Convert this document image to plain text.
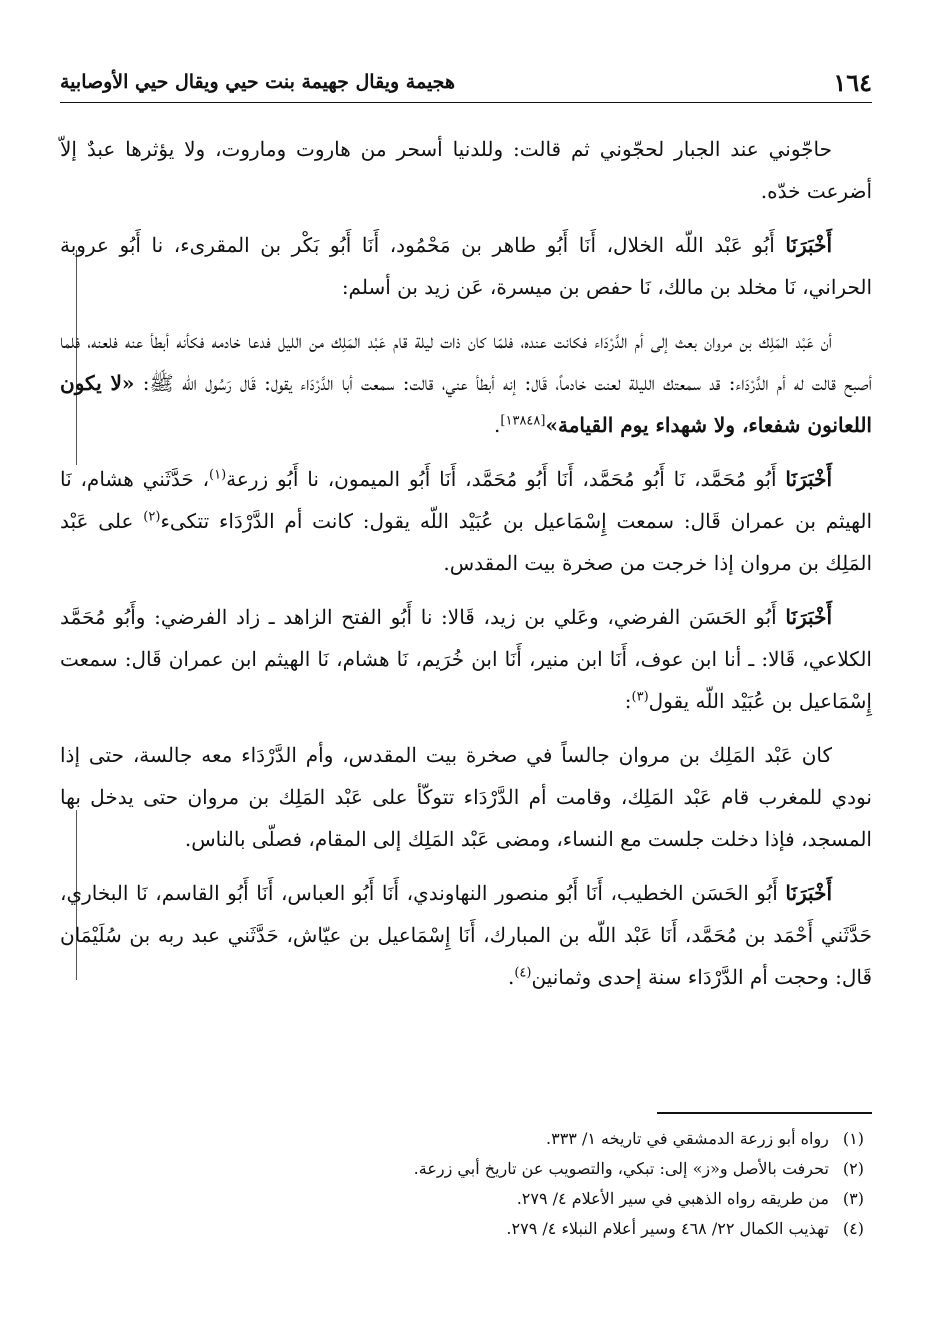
١٦٤
هجيمة ويقال جهيمة بنت حيي ويقال حيي الأوصابية

حاجّوني عند الجبار لحجّوني ثم قالت: وللدنيا أسحر من هاروت وماروت، ولا يؤثرها عبدٌ إلاّ أضرعت خدّه.

أَخْبَرَنَا أَبُو عَبْد اللّه الخلال، أَنَا أَبُو طاهر بن مَحْمُود، أَنَا أَبُو بَكْر بن المقرىء، نا أَبُو عروبة الحراني، نَا مخلد بن مالك، نَا حفص بن ميسرة، عَن زيد بن أسلم:

أن عَبْد المَلِك بن مروان بعث إلى أم الدَّرْدَاء فكانت عنده، فلمّا كان ذات ليلة قام عَبْد المَلِك من الليل فدعا خادمه فكأنه أبطأ عنه فلعنه، فلما أصبح قالت له أم الدَّرْدَاء: قد سمعتك الليلة لعنت خادماً، قَال: إنه أبطأ عني، قالت: سمعت أبا الدَّرْدَاء يقول: قَال رَسُول اللّه ﷺ: «لا يكون اللعانون شفعاء، ولا شهداء يوم القيامة»[١٣٨٤٨].

أَخْبَرَنَا أَبُو مُحَمَّد، نَا أَبُو مُحَمَّد، أَنَا أَبُو مُحَمَّد، أَنَا أَبُو الميمون، نا أَبُو زرعة$^{(١)}$، حَدَّثَني هشام، نَا الهيثم بن عمران قَال: سمعت إِسْمَاعيل بن عُبَيْد اللّه يقول: كانت أم الدَّرْدَاء تتكىء$^{(٢)}$ على عَبْد المَلِك بن مروان إذا خرجت من صخرة بيت المقدس.

أَخْبَرَنَا أَبُو الحَسَن الفرضي، وعَلي بن زيد، قَالا: نا أَبُو الفتح الزاهد ـ زاد الفرضي: وأَبُو مُحَمَّد الكلاعي، قَالا: ـ أنا ابن عوف، أَنَا ابن منير، أَنَا ابن خُرَيم، نَا هشام، نَا الهيثم ابن عمران قَال: سمعت إِسْمَاعيل بن عُبَيْد اللّه يقول$^{(٣)}$:

كان عَبْد المَلِك بن مروان جالساً في صخرة بيت المقدس، وأم الدَّرْدَاء معه جالسة، حتى إذا نودي للمغرب قام عَبْد المَلِك، وقامت أم الدَّرْدَاء تتوكّأ على عَبْد المَلِك بن مروان حتى يدخل بها المسجد، فإذا دخلت جلست مع النساء، ومضى عَبْد المَلِك إلى المقام، فصلّى بالناس.

أَخْبَرَنَا أَبُو الحَسَن الخطيب، أَنَا أَبُو منصور النهاوندي، أَنَا أَبُو العباس، أَنَا أَبُو القاسم، نَا البخاري، حَدَّثَني أَحْمَد بن مُحَمَّد، أَنَا عَبْد اللّه بن المبارك، أَنَا إِسْمَاعيل بن عيّاش، حَدَّثَني عبد ربه بن سُلَيْمَان قَال: وحجت أم الدَّرْدَاء سنة إحدى وثمانين$^{(٤)}$.

(١)رواه أبو زرعة الدمشقي في تاريخه ١/ ٣٣٣.

(٢)تحرفت بالأصل و«ز» إلى: تبكي، والتصويب عن تاريخ أبي زرعة.

(٣)من طريقه رواه الذهبي في سير الأعلام ٤/ ٢٧٩.

(٤)تهذيب الكمال ٢٢/ ٤٦٨ وسير أعلام النبلاء ٤/ ٢٧٩.
